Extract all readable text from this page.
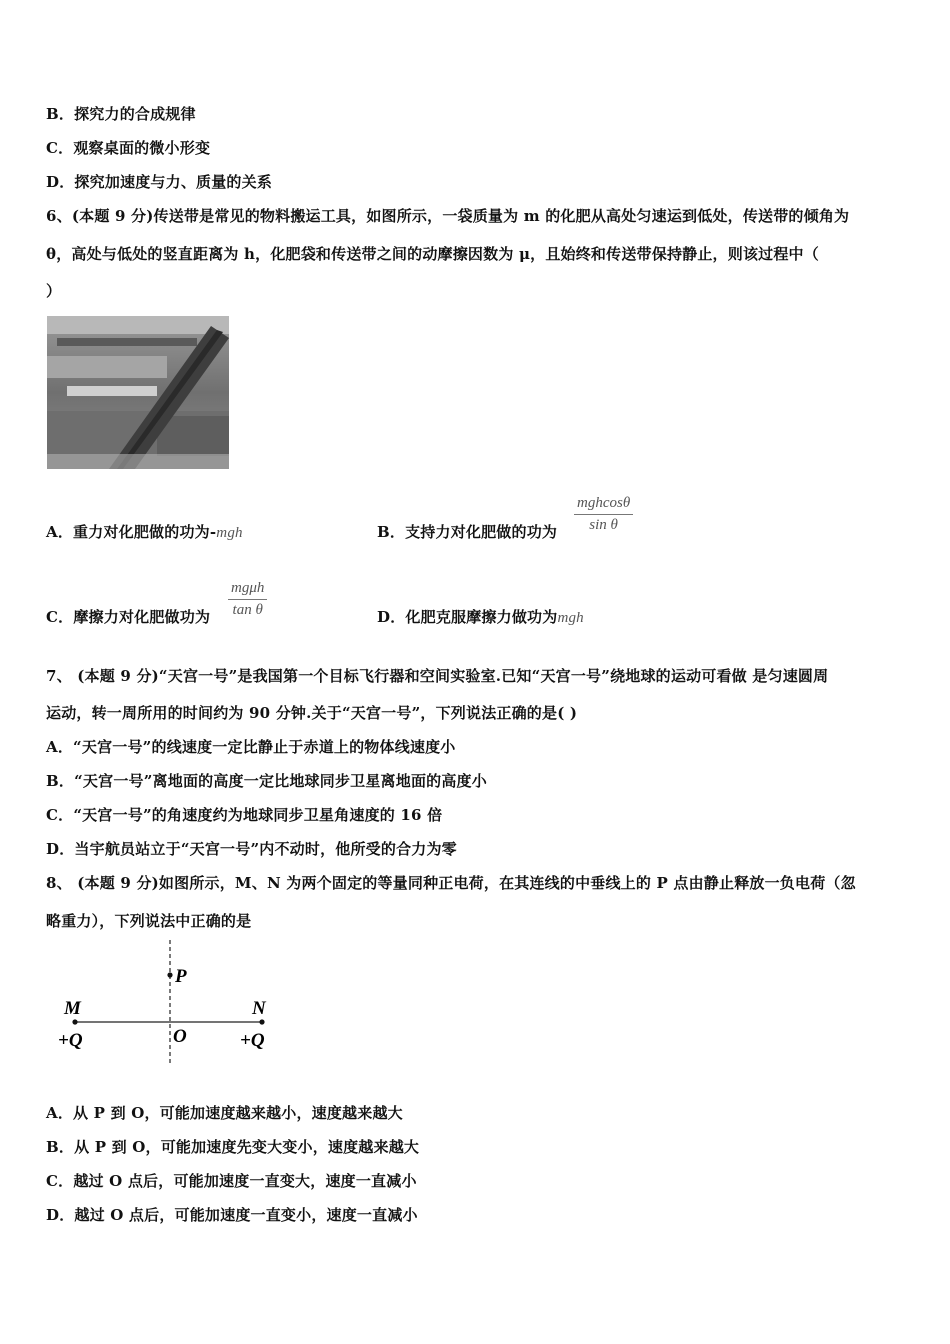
B．探究力的合成规律
C．观察桌面的微小形变
D．探究加速度与力、质量的关系
6、(本题 9 分)传送带是常见的物料搬运工具，如图所示，一袋质量为 m 的化肥从高处匀速运到低处，传送带的倾角为
θ，高处与低处的竖直距离为 h，化肥袋和传送带之间的动摩擦因数为 μ，且始终和传送带保持静止，则该过程中（
）
A．重力对化肥做的功为-mgh	B．支持力对化肥做的功为
mghcosθ
sin θ
C．摩擦力对化肥做功为
mgμh
tan θ	D．化肥克服摩擦力做功为mgh
7、 (本题 9 分)“天宫一号”是我国第一个目标飞行器和空间实验室.已知“天宫一号”绕地球的运动可看做 是匀速圆周
运动，转一周所用的时间约为 90 分钟.关于“天宫一号”，下列说法正确的是( )
A．“天宫一号”的线速度一定比静止于赤道上的物体线速度小
B．“天宫一号”离地面的高度一定比地球同步卫星离地面的高度小
C．“天宫一号”的角速度约为地球同步卫星角速度的 16 倍
D．当宇航员站立于“天宫一号”内不动时，他所受的合力为零
8、 (本题 9 分)如图所示，M、N 为两个固定的等量同种正电荷，在其连线的中垂线上的 P 点由静止释放一负电荷（忽
略重力），下列说法中正确的是
P
M	N
O
+Q	+Q
A．从 P 到 O，可能加速度越来越小，速度越来越大
B．从 P 到 O，可能加速度先变大变小，速度越来越大
C．越过 O 点后，可能加速度一直变大，速度一直减小
D．越过 O 点后，可能加速度一直变小，速度一直减小
